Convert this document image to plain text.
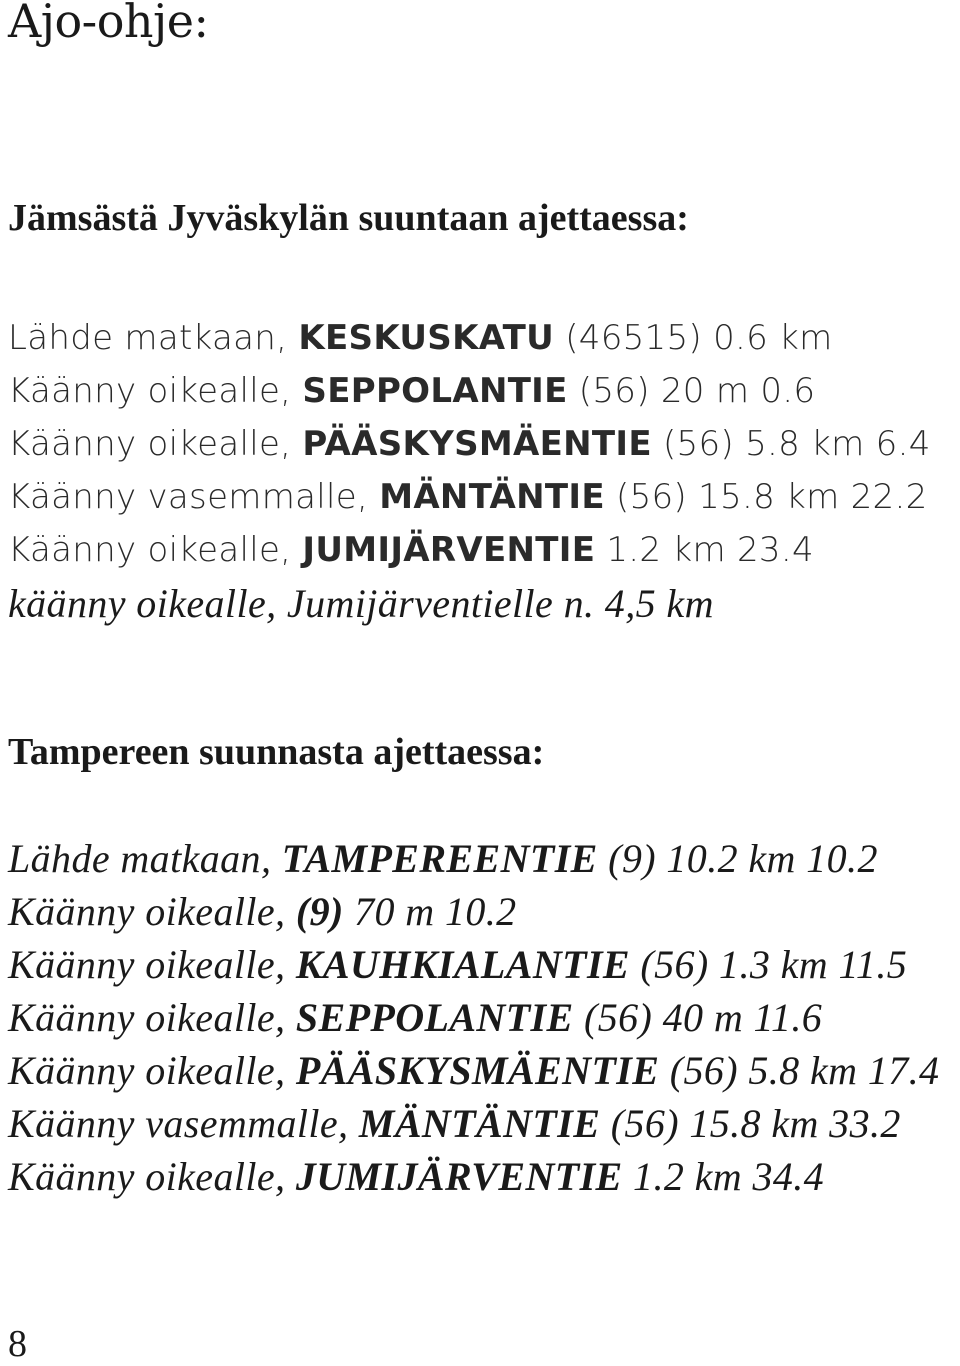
Ajo-ohje:
Jämsästä Jyväskylän suuntaan ajettaessa:
Lähde matkaan, KESKUSKATU (46515) 0.6 km
Käänny oikealle, SEPPOLANTIE (56) 20 m 0.6
Käänny oikealle, PÄÄSKYSMÄENTIE (56) 5.8 km 6.4
Käänny vasemmalle, MÄNTÄNTIE (56) 15.8 km 22.2
Käänny oikealle, JUMIJÄRVENTIE 1.2 km 23.4
käänny oikealle, Jumijärventielle n. 4,5 km
Tampereen suunnasta ajettaessa:
Lähde matkaan, TAMPEREENTIE (9) 10.2 km 10.2
Käänny oikealle, (9) 70 m 10.2
Käänny oikealle, KAUHKIALANTIE (56) 1.3 km 11.5
Käänny oikealle, SEPPOLANTIE (56) 40 m 11.6
Käänny oikealle, PÄÄSKYSMÄENTIE (56) 5.8 km 17.4
Käänny vasemmalle, MÄNTÄNTIE (56) 15.8 km 33.2
Käänny oikealle, JUMIJÄRVENTIE 1.2 km 34.4
8
